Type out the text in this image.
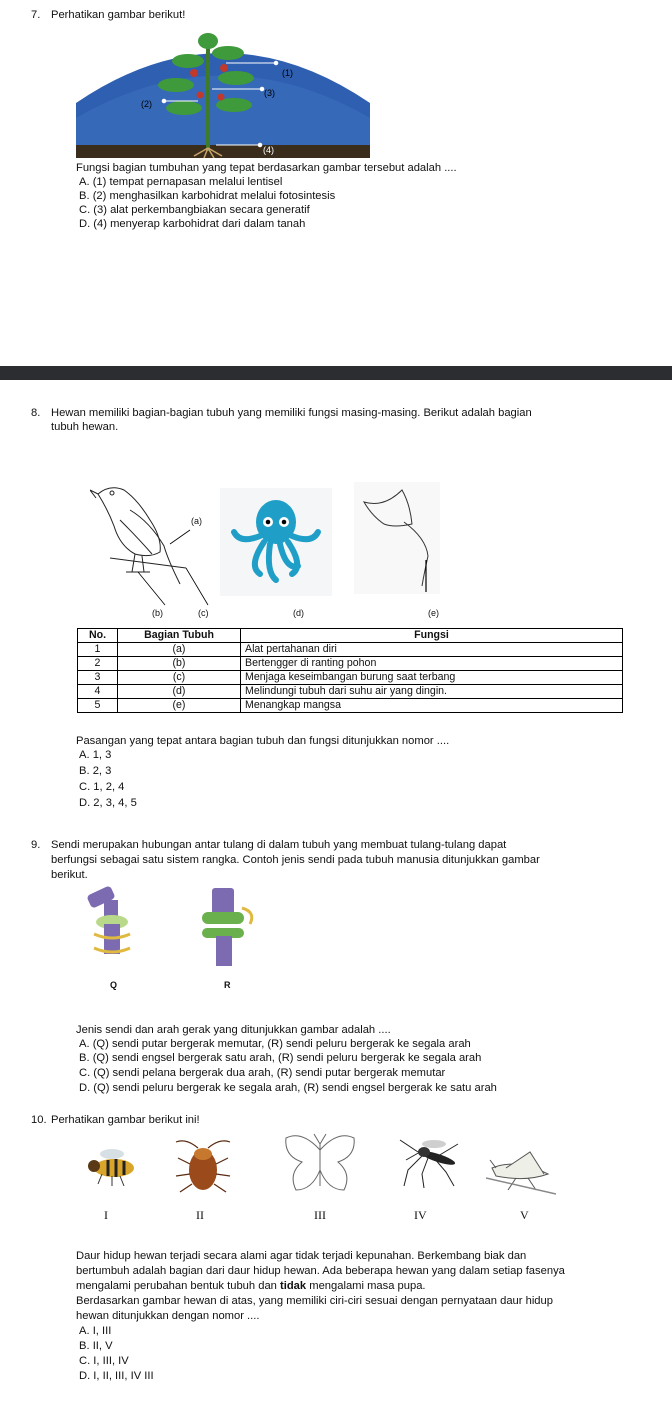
7. Perhatikan gambar berikut!
(1)
(2)
(3)
(4)
Fungsi bagian tumbuhan yang tepat berdasarkan gambar tersebut adalah ....
A. (1) tempat pernapasan melalui lentisel
B. (2) menghasilkan karbohidrat melalui fotosintesis
C. (3) alat perkembangbiakan secara generatif
D. (4) menyerap karbohidrat dari dalam tanah
8. Hewan memiliki bagian-bagian tubuh yang memiliki fungsi masing-masing. Berikut adalah bagian
tubuh hewan.
(a)
(b)	(c)	(d)	(e)
No.	Bagian Tubuh	Fungsi
1	(a)	Alat pertahanan diri
2	(b)	Bertengger di ranting pohon
3	(c)	Menjaga keseimbangan burung saat terbang
4	(d)	Melindungi tubuh dari suhu air yang dingin.
5	(e)	Menangkap mangsa
Pasangan yang tepat antara bagian tubuh dan fungsi ditunjukkan nomor ....
A. 1, 3
B. 2, 3
C. 1, 2, 4
D. 2, 3, 4, 5
9. Sendi merupakan hubungan antar tulang di dalam tubuh yang membuat tulang-tulang dapat
berfungsi sebagai satu sistem rangka. Contoh jenis sendi pada tubuh manusia ditunjukkan gambar
berikut.
Q	R
Jenis sendi dan arah gerak yang ditunjukkan gambar adalah ....
A. (Q) sendi putar bergerak memutar, (R) sendi peluru bergerak ke segala arah
B. (Q) sendi engsel bergerak satu arah, (R) sendi peluru bergerak ke segala arah
C. (Q) sendi pelana bergerak dua arah, (R) sendi putar bergerak memutar
D. (Q) sendi peluru bergerak ke segala arah, (R) sendi engsel bergerak ke satu arah
10. Perhatikan gambar berikut ini!
I	II	III	IV	V
Daur hidup hewan terjadi secara alami agar tidak terjadi kepunahan. Berkembang biak dan
bertumbuh adalah bagian dari daur hidup hewan. Ada beberapa hewan yang dalam setiap fasenya
mengalami perubahan bentuk tubuh dan tidak mengalami masa pupa.
Berdasarkan gambar hewan di atas, yang memiliki ciri-ciri sesuai dengan pernyataan daur hidup
hewan ditunjukkan dengan nomor ....
A. I, III
B. II, V
C. I, III, IV
D. I, II, III, IV III
